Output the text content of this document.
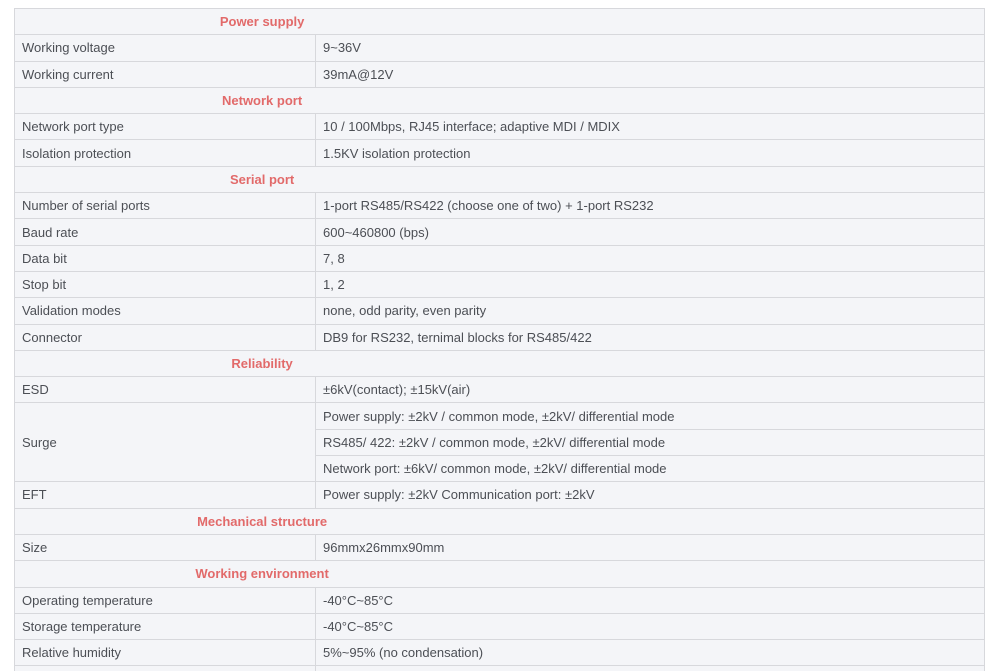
Power supply	

Working voltage	9~36V
Working current	39mA@12V

Network port	

Network port type	10 / 100Mbps, RJ45 interface; adaptive MDI / MDIX
Isolation protection	1.5KV isolation protection

Serial port	

Number of serial ports	1-port RS485/RS422 (choose one of two) + 1-port RS232
Baud rate	600~460800 (bps)
Data bit	7, 8
Stop bit	1, 2
Validation modes	none, odd parity, even parity
Connector	DB9 for RS232, ternimal blocks for RS485/422

Reliability	

ESD	±6kV(contact); ±15kV(air)
Surge	Power supply: ±2kV / common mode, ±2kV/ differential mode
	RS485/ 422: ±2kV / common mode, ±2kV/ differential mode
	Network port: ±6kV/ common mode, ±2kV/ differential mode
EFT	Power supply: ±2kV Communication port: ±2kV

Mechanical structure	

Size	96mmx26mmx90mm

Working environment	

Operating temperature	-40°C~85°C
Storage temperature	-40°C~85°C
Relative humidity	5%~95% (no condensation)
